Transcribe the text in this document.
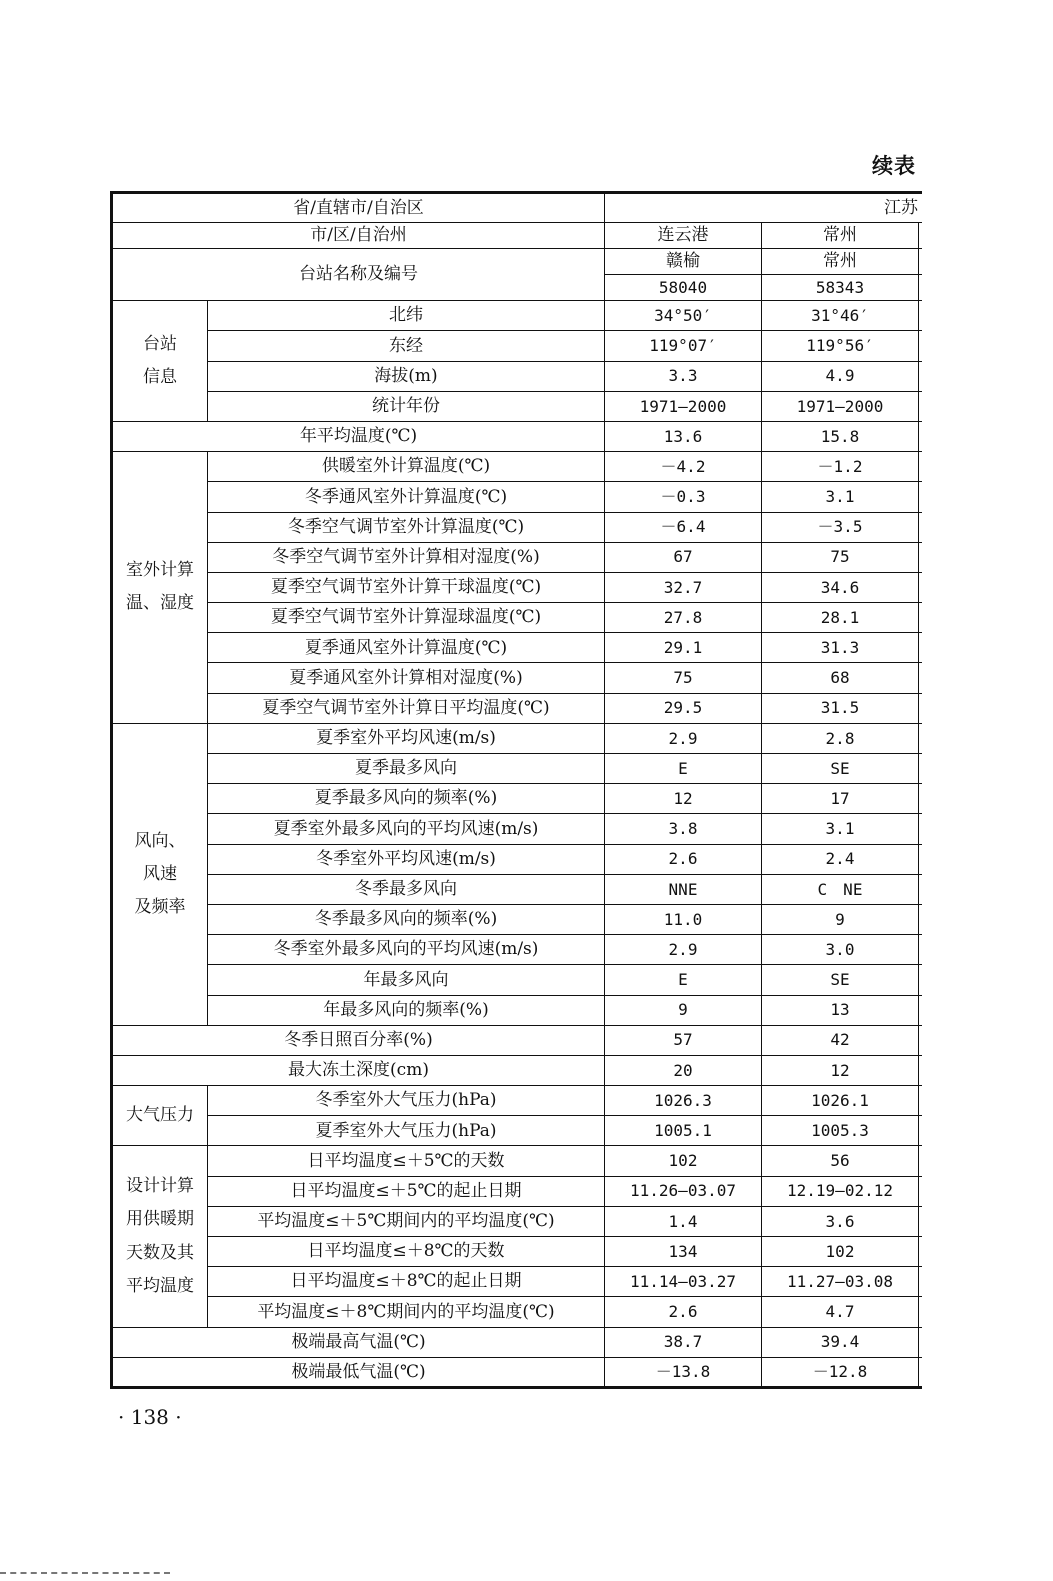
续表
省/直辖市/自治区		江苏		
市/区/自治州		连云港	常州	
台站名称及编号		赣榆	常州	
		58040	58343	

台站
信息	北纬	34°50′	31°46′	
	东经	119°07′	119°56′	
	海拔(m)	3.3	4.9	
	统计年份	1971—2000	1971—2000	
年平均温度(℃)		13.6	15.8	

室外计算
温、湿度	供暖室外计算温度(℃)	－4.2	－1.2	
	冬季通风室外计算温度(℃)	－0.3	3.1	
	冬季空气调节室外计算温度(℃)	－6.4	－3.5	
	冬季空气调节室外计算相对湿度(%)	67	75	
	夏季空气调节室外计算干球温度(℃)	32.7	34.6	
	夏季空气调节室外计算湿球温度(℃)	27.8	28.1	
	夏季通风室外计算温度(℃)	29.1	31.3	
	夏季通风室外计算相对湿度(%)	75	68	
	夏季空气调节室外计算日平均温度(℃)	29.5	31.5	

风向、
风速
及频率	夏季室外平均风速(m/s)	2.9	2.8	
	夏季最多风向	E	SE	
	夏季最多风向的频率(%)	12	17	
	夏季室外最多风向的平均风速(m/s)	3.8	3.1	
	冬季室外平均风速(m/s)	2.6	2.4	
	冬季最多风向	NNE	C　NE	
	冬季最多风向的频率(%)	11.0	9	
	冬季室外最多风向的平均风速(m/s)	2.9	3.0	
	年最多风向	E	SE	
	年最多风向的频率(%)	9	13	
冬季日照百分率(%)		57	42	
最大冻土深度(cm)		20	12	

大气压力	冬季室外大气压力(hPa)	1026.3	1026.1	
	夏季室外大气压力(hPa)	1005.1	1005.3	

设计计算
用供暖期
天数及其
平均温度	日平均温度≤＋5℃的天数	102	56	
	日平均温度≤＋5℃的起止日期	11.26—03.07	12.19—02.12	
	平均温度≤＋5℃期间内的平均温度(℃)	1.4	3.6	
	日平均温度≤＋8℃的天数	134	102	
	日平均温度≤＋8℃的起止日期	11.14—03.27	11.27—03.08	
	平均温度≤＋8℃期间内的平均温度(℃)	2.6	4.7	
极端最高气温(℃)		38.7	39.4	
极端最低气温(℃)		－13.8	－12.8	
· 138 ·
